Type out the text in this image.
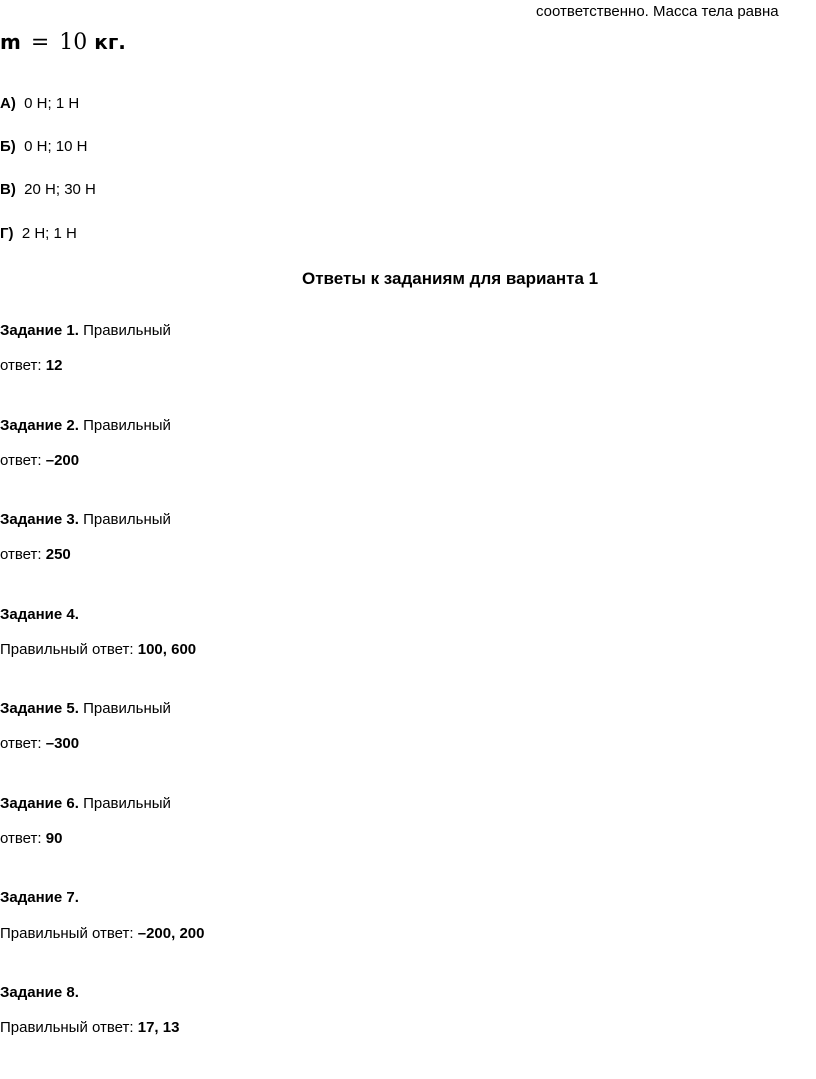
соответственно. Масса тела равна
m = 10 кг.
А) 0 Н; 1 Н
Б) 0 Н; 10 Н
В) 20 Н; 30 Н
Г) 2 Н; 1 Н
Ответы к заданиям для варианта 1
Задание 1. Правильный
ответ: 12
Задание 2. Правильный
ответ: –200
Задание 3. Правильный
ответ: 250
Задание 4.
Правильный ответ: 100, 600
Задание 5. Правильный
ответ: –300
Задание 6. Правильный
ответ: 90
Задание 7.
Правильный ответ: –200, 200
Задание 8.
Правильный ответ: 17, 13
